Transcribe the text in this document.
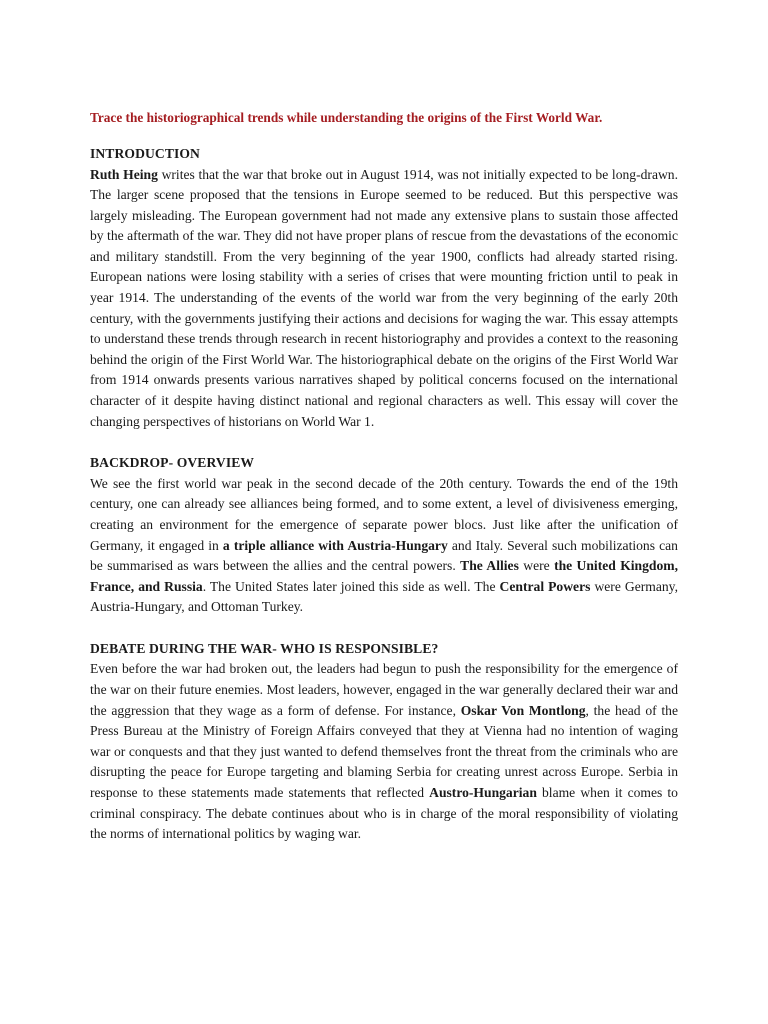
Trace the historiographical trends while understanding the origins of the First World War.
INTRODUCTION

Ruth Heing writes that the war that broke out in August 1914, was not initially expected to be long-drawn. The larger scene proposed that the tensions in Europe seemed to be reduced. But this perspective was largely misleading. The European government had not made any extensive plans to sustain those affected by the aftermath of the war. They did not have proper plans of rescue from the devastations of the economic and military standstill. From the very beginning of the year 1900, conflicts had already started rising. European nations were losing stability with a series of crises that were mounting friction until to peak in year 1914. The understanding of the events of the world war from the very beginning of the early 20th century, with the governments justifying their actions and decisions for waging the war. This essay attempts to understand these trends through research in recent historiography and provides a context to the reasoning behind the origin of the First World War. The historiographical debate on the origins of the First World War from 1914 onwards presents various narratives shaped by political concerns focused on the international character of it despite having distinct national and regional characters as well. This essay will cover the changing perspectives of historians on World War 1.

BACKDROP- OVERVIEW

We see the first world war peak in the second decade of the 20th century. Towards the end of the 19th century, one can already see alliances being formed, and to some extent, a level of divisiveness emerging, creating an environment for the emergence of separate power blocs. Just like after the unification of Germany, it engaged in a triple alliance with Austria-Hungary and Italy. Several such mobilizations can be summarised as wars between the allies and the central powers. The Allies were the United Kingdom, France, and Russia. The United States later joined this side as well. The Central Powers were Germany, Austria-Hungary, and Ottoman Turkey.

DEBATE DURING THE WAR- WHO IS RESPONSIBLE?

Even before the war had broken out, the leaders had begun to push the responsibility for the emergence of the war on their future enemies. Most leaders, however, engaged in the war generally declared their war and the aggression that they wage as a form of defense. For instance, Oskar Von Montlong, the head of the Press Bureau at the Ministry of Foreign Affairs conveyed that they at Vienna had no intention of waging war or conquests and that they just wanted to defend themselves front the threat from the criminals who are disrupting the peace for Europe targeting and blaming Serbia for creating unrest across Europe. Serbia in response to these statements made statements that reflected Austro-Hungarian blame when it comes to criminal conspiracy. The debate continues about who is in charge of the moral responsibility of violating the norms of international politics by waging war.
